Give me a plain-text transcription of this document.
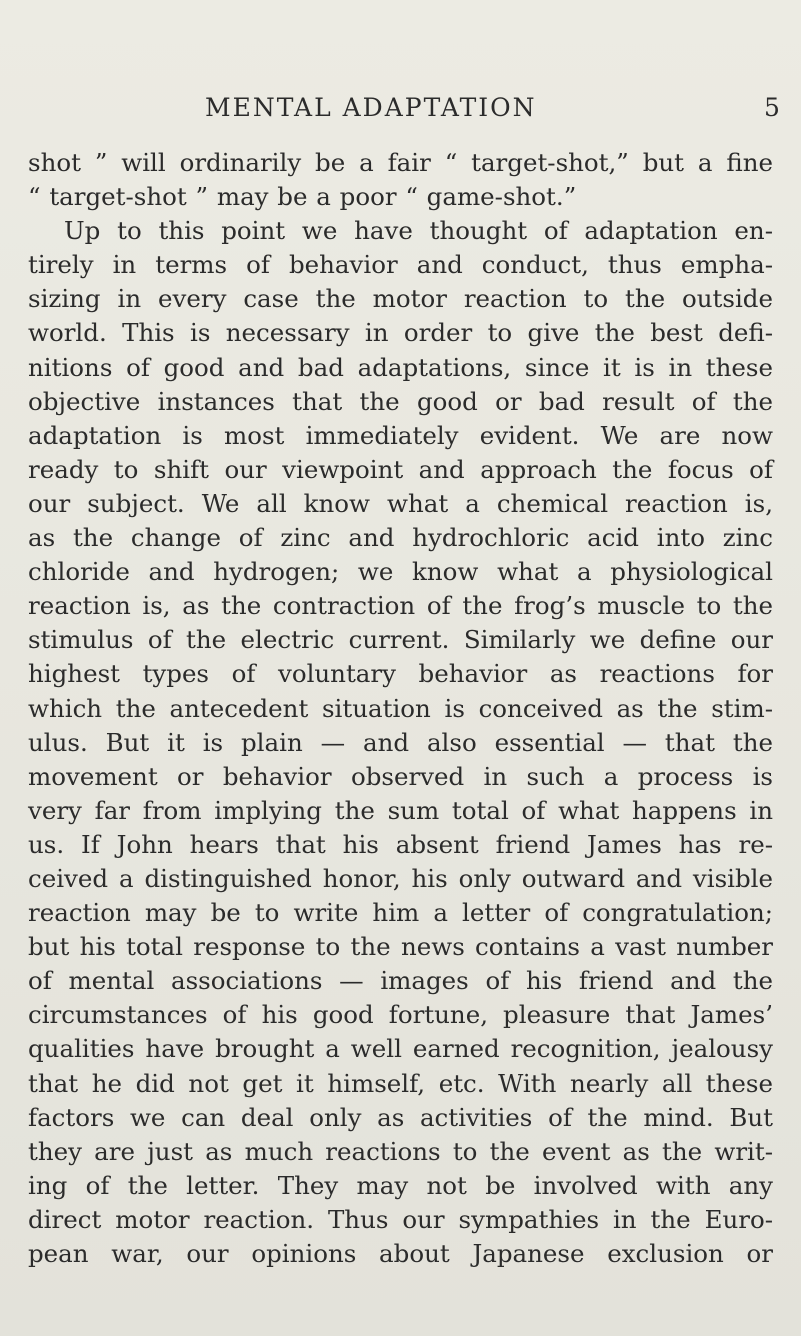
MENTAL ADAPTATION	5
shot ” will ordinarily be a fair “ target-shot,” but a fine
“ target-shot ” may be a poor “ game-shot.”
Up to this point we have thought of adaptation en-
tirely in terms of behavior and conduct, thus empha-
sizing in every case the motor reaction to the outside
world. This is necessary in order to give the best defi-
nitions of good and bad adaptations, since it is in these
objective instances that the good or bad result of the
adaptation is most immediately evident. We are now
ready to shift our viewpoint and approach the focus of
our subject. We all know what a chemical reaction is,
as the change of zinc and hydrochloric acid into zinc
chloride and hydrogen; we know what a physiological
reaction is, as the contraction of the frog’s muscle to the
stimulus of the electric current. Similarly we define our
highest types of voluntary behavior as reactions for
which the antecedent situation is conceived as the stim-
ulus. But it is plain — and also essential — that the
movement or behavior observed in such a process is
very far from implying the sum total of what happens in
us. If John hears that his absent friend James has re-
ceived a distinguished honor, his only outward and visible
reaction may be to write him a letter of congratulation;
but his total response to the news contains a vast number
of mental associations — images of his friend and the
circumstances of his good fortune, pleasure that James’
qualities have brought a well earned recognition, jealousy
that he did not get it himself, etc. With nearly all these
factors we can deal only as activities of the mind. But
they are just as much reactions to the event as the writ-
ing of the letter. They may not be involved with any
direct motor reaction. Thus our sympathies in the Euro-
pean war, our opinions about Japanese exclusion or
